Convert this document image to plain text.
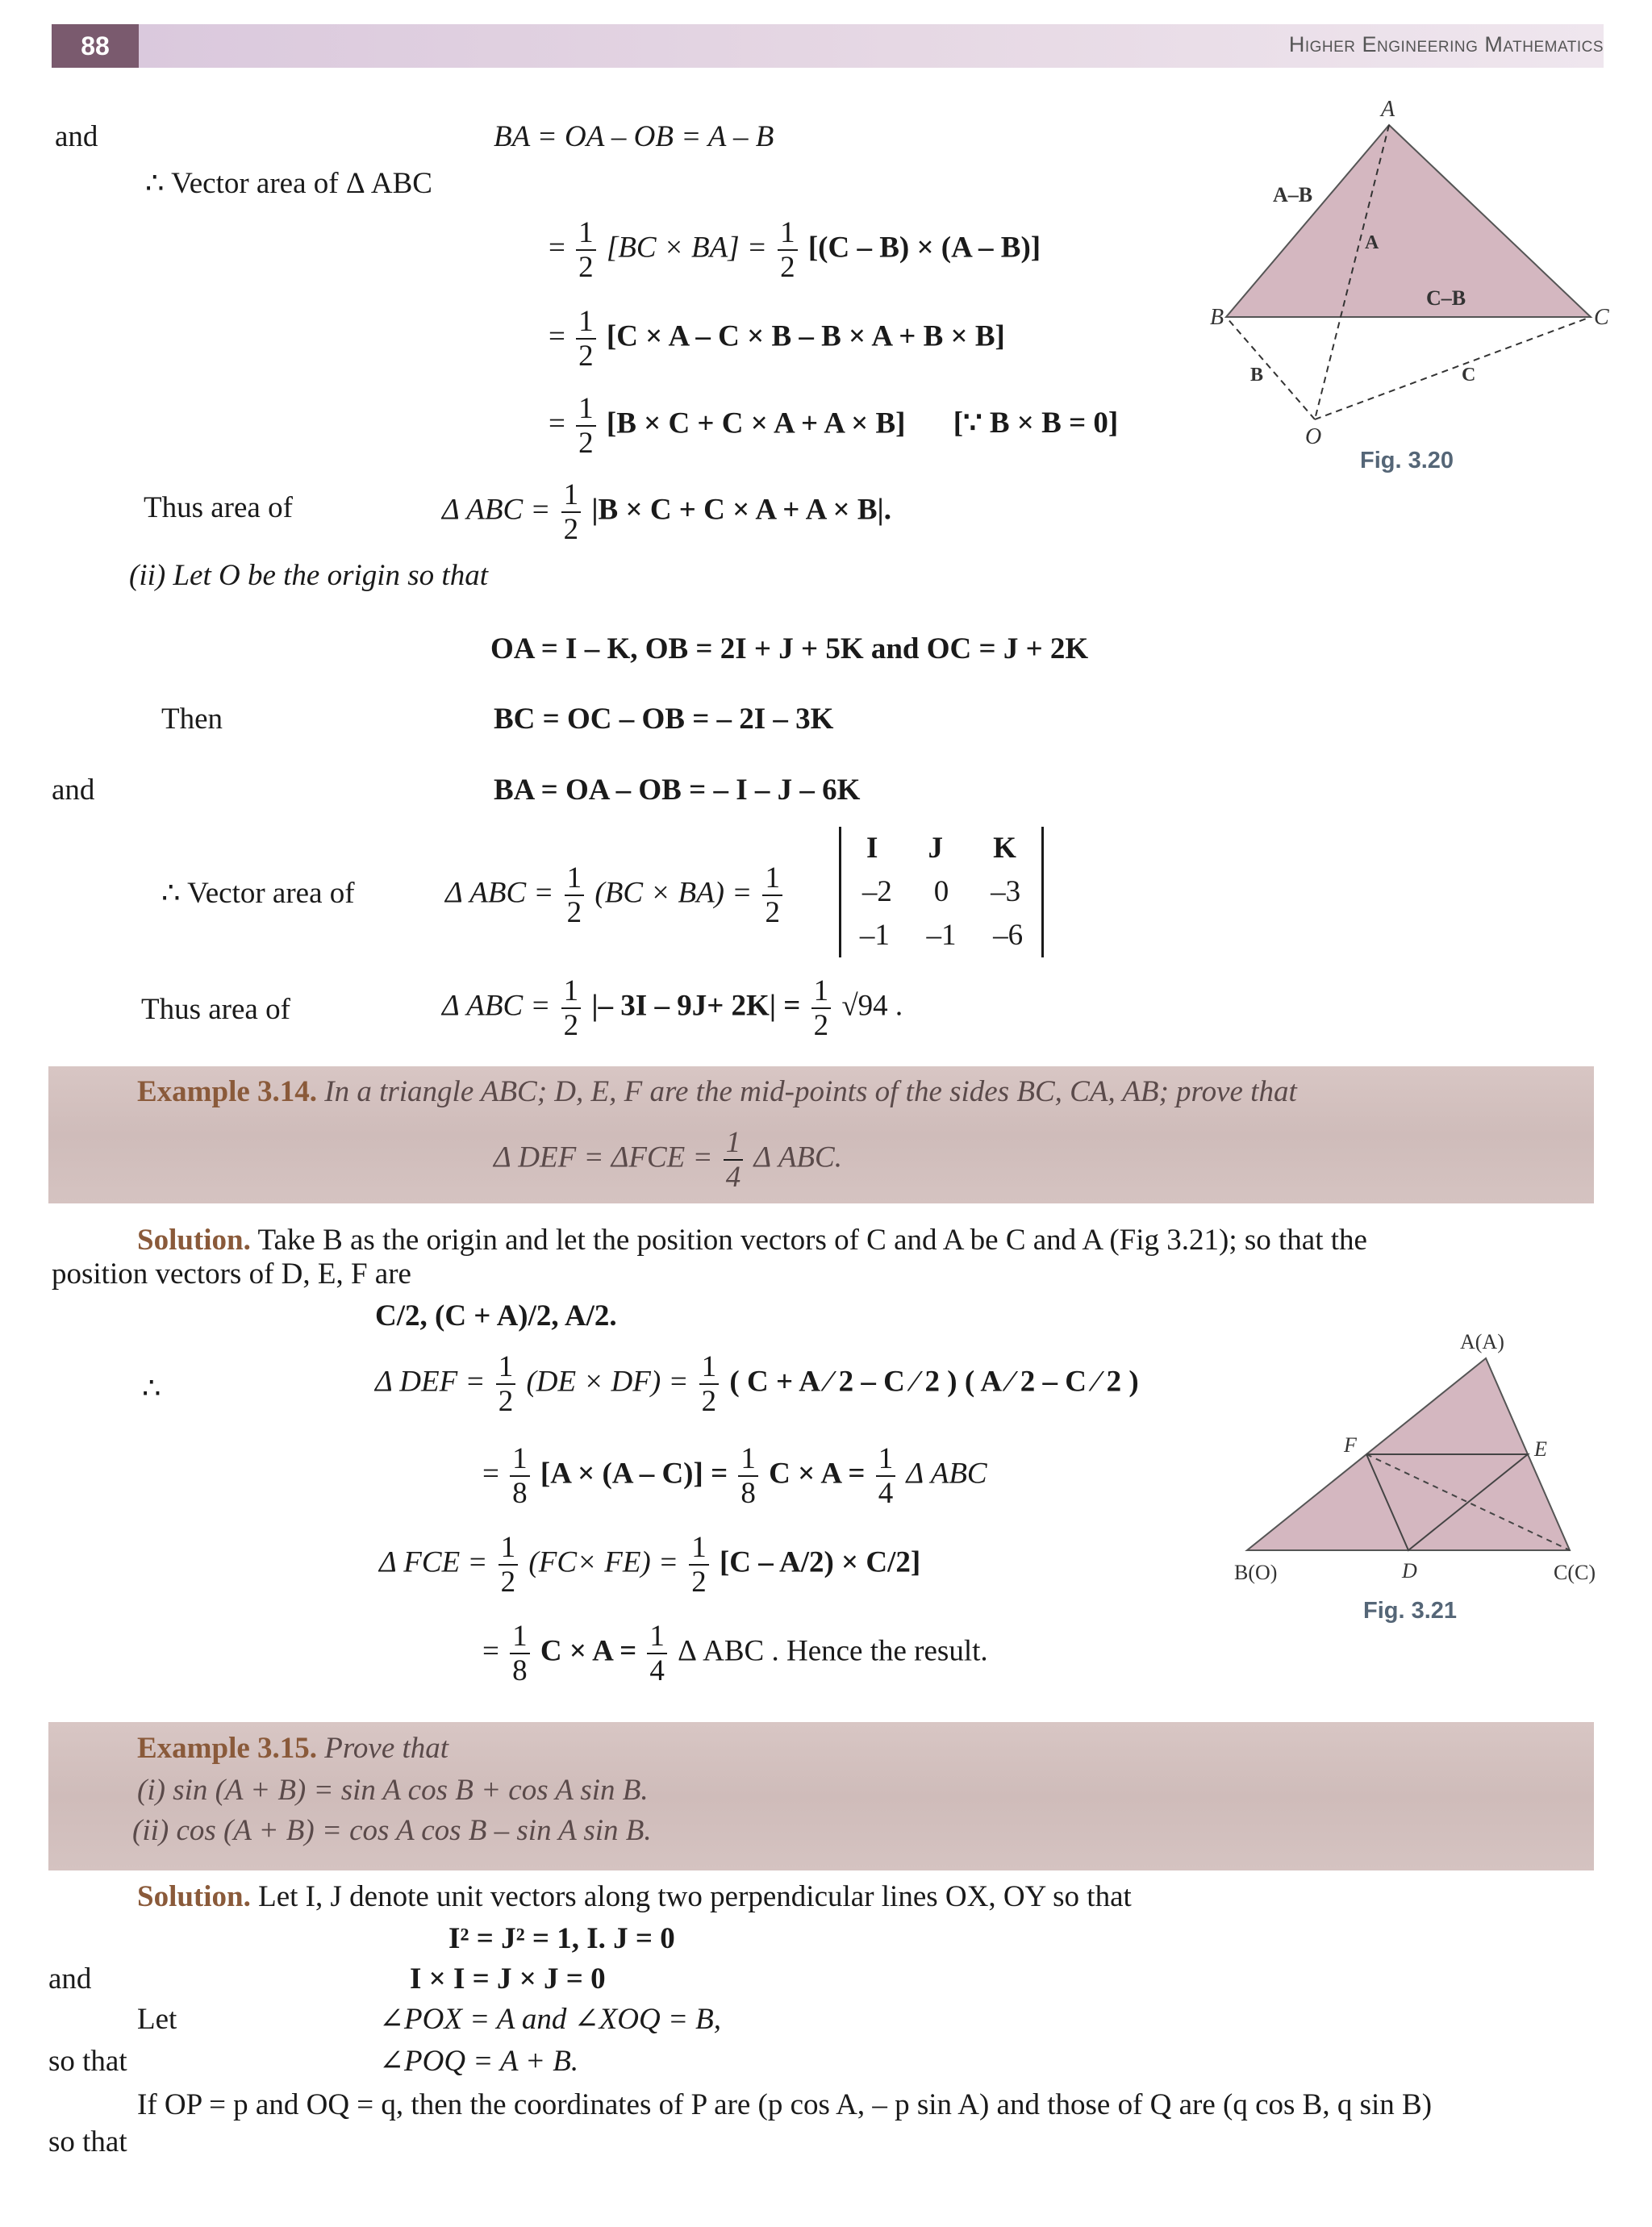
88	Higher Engineering Mathematics
and	BA = OA – OB = A – B
∴ Vector area of Δ ABC
= $\frac{1}{2} [BC \times BA] = \frac{1}{2} [(C - B) \times (A - B)]$
= $\frac{1}{2} [C \times A - C \times B - B \times A + B \times B]$
= $\frac{1}{2} [B \times C + C \times A + A \times B]$ [∵ B × B = 0]
Thus area of	Δ ABC = $\frac{1}{2} |B \times C + C \times A + A \times B|$.
A
B	C
O
A–B
C–B
A
B	C
Fig. 3.20
(ii) Let O be the origin so that
OA = I – K, OB = 2I + J + 5K and OC = J + 2K
Then	BC = OC – OB = – 2I – 3K
and	BA = OA – OB = – I – J – 6K
∴ Vector area of	Δ ABC = $\frac{1}{2} (BC \times BA) = \frac{1}{2}$
I J K
–2 0 –3
–1 –1 –6
Thus area of	Δ ABC = $\frac{1}{2}$ |– $3I - 9J+ 2K| = \frac{1}{2} √94$ .
Example 3.14. In a triangle ABC; D, E, F are the mid-points of the sides BC, CA, AB; prove that
Δ DEF = $\Delta FCE = \frac{1}{4}$ Δ ABC.
Solution. Take B as the origin and let the position vectors of C and A be C and A (Fig 3.21); so that the
position vectors of D, E, F are
C/2, (C + A)/2, A/2.
∴	Δ DEF = $\frac{1}{2} (DE \times DF) = \frac{1}{2}$ ( C + A ⁄ 2 – C ⁄ 2 ) ( A ⁄ 2 – C ⁄ 2 )
= $\frac{1}{8} [A \times (A - C)] = \frac{1}{8}$ $C \times A = \frac{1}{4}$ Δ ABC
Δ FCE = $\frac{1}{2} (FC\times FE) = \frac{1}{2} [C - A/2) \times C/2$]
= $\frac{1}{8}$ $C \times A = \frac{1}{4}$ Δ ABC . Hence the result.
A(A)
B(O)	C(C)
D
E
F
Fig. 3.21
Example 3.15. Prove that
(i) sin (A + B) = sin A cos B + cos A sin B.
(ii) cos (A + B) = cos A cos B – sin A sin B.
Solution. Let I, J denote unit vectors along two perpendicular lines OX, OY so that
I² = J² = 1, I. J = 0
and	I × I = J × J = 0
Let	∠POX = A and ∠XOQ = B,
so that	∠POQ = A + B.
If OP = p and OQ = q, then the coordinates of P are (p cos A, – p sin A) and those of Q are (q cos B, q sin B)
so that
